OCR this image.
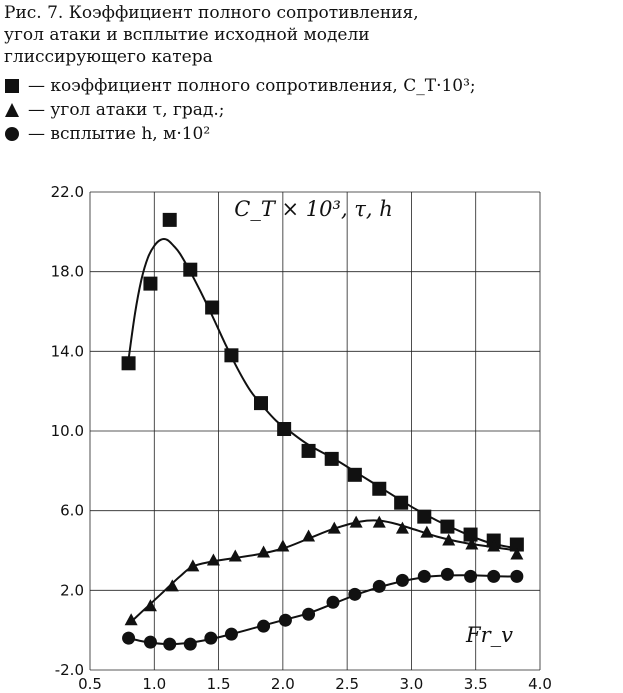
Рис. 7. Коэффициент полного сопротивления,
угол атаки и всплытие исходной модели
глиссирующего катера
— коэффициент полного сопротивления, C_T·10³;
— угол атаки τ, град.;
— всплытие h, м·10²
0.5	1.0	1.5	2.0	2.5	3.0	3.5	4.0
-2.0
2.0
6.0
10.0
14.0
18.0
22.0
C_T × 10³, τ, h
Fr_v
